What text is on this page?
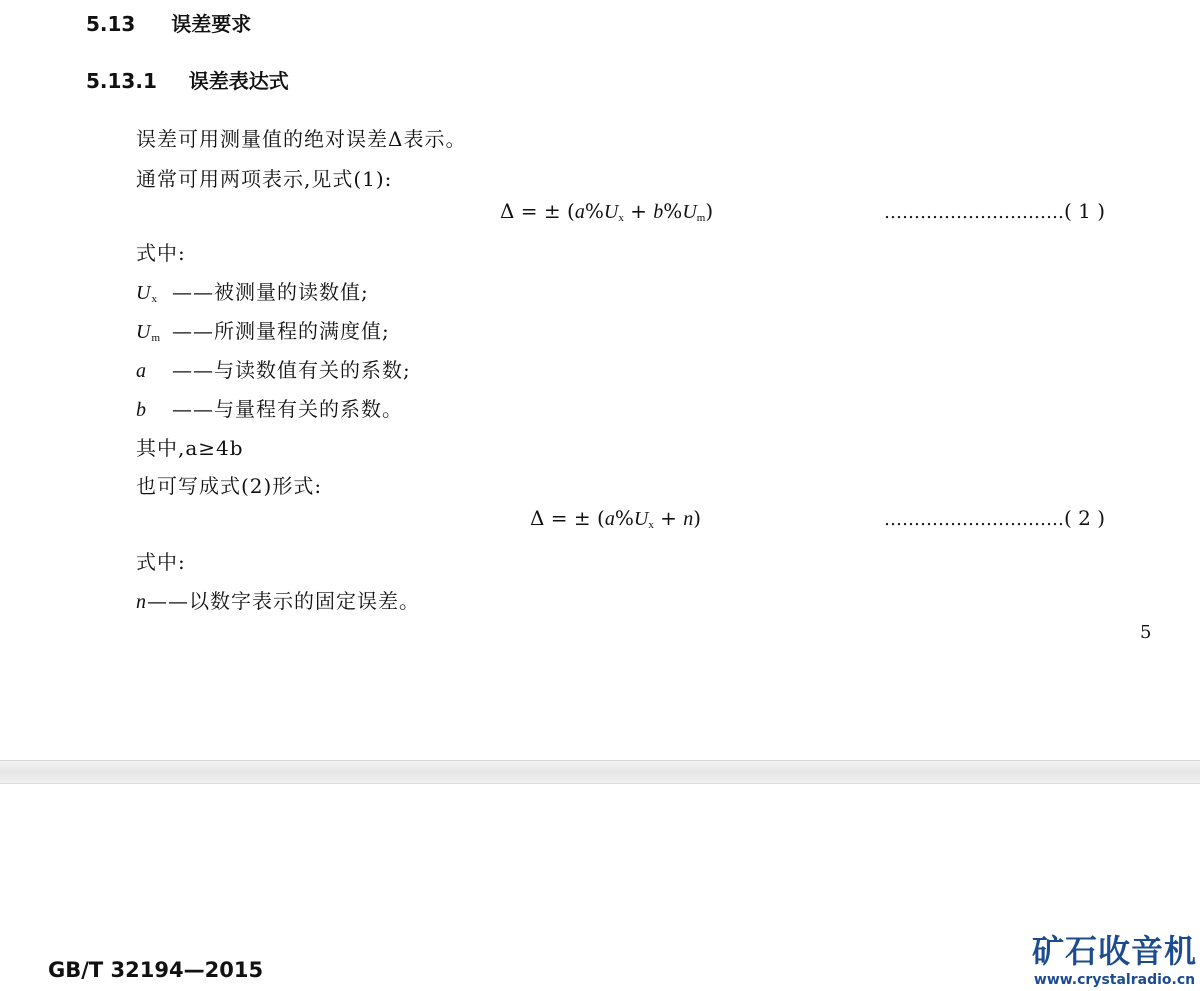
5.13 误差要求
5.13.1 误差表达式
误差可用测量值的绝对误差Δ表示。
通常可用两项表示,见式(1):
Δ = ± $(a\%U_x + b\%U_m)$	…………………………( 1 )
式中:
$U_x$ ——被测量的读数值;
$U_m$ ——所测量程的满度值;
a ——与读数值有关的系数;
b ——与量程有关的系数。
其中,a≥4b
也可写成式(2)形式:
Δ = ± $(a\%U_x + n)$	…………………………( 2 )
式中:
n——以数字表示的固定误差。
5
GB/T 32194—2015	矿石收音机
www.crystalradio.cn
